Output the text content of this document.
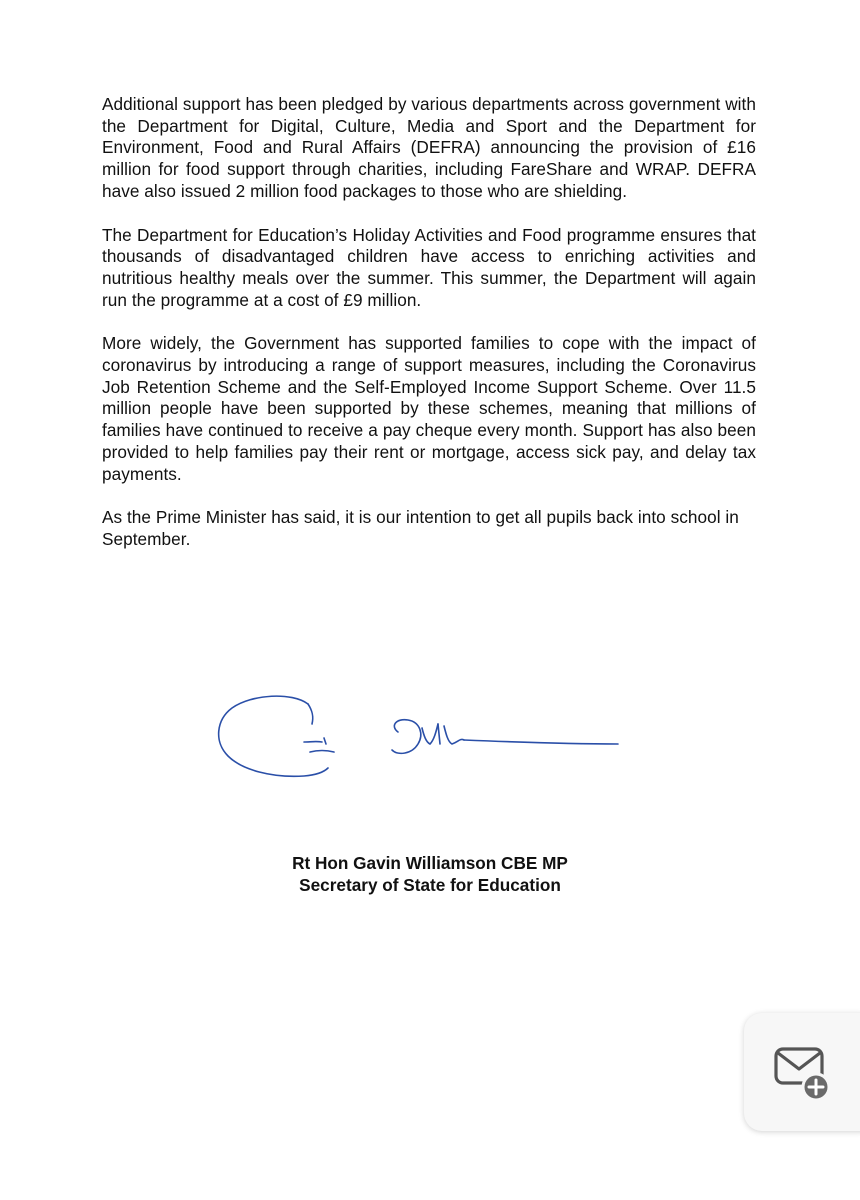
Additional support has been pledged by various departments across government with the Department for Digital, Culture, Media and Sport and the Department for Environment, Food and Rural Affairs (DEFRA) announcing the provision of £16 million for food support through charities, including FareShare and WRAP. DEFRA have also issued 2 million food packages to those who are shielding.

The Department for Education’s Holiday Activities and Food programme ensures that thousands of disadvantaged children have access to enriching activities and nutritious healthy meals over the summer. This summer, the Department will again run the programme at a cost of £9 million.

More widely, the Government has supported families to cope with the impact of coronavirus by introducing a range of support measures, including the Coronavirus Job Retention Scheme and the Self-Employed Income Support Scheme. Over 11.5 million people have been supported by these schemes, meaning that millions of families have continued to receive a pay cheque every month. Support has also been provided to help families pay their rent or mortgage, access sick pay, and delay tax payments.

As the Prime Minister has said, it is our intention to get all pupils back into school in September.

Rt Hon Gavin Williamson CBE MP
Secretary of State for Education
